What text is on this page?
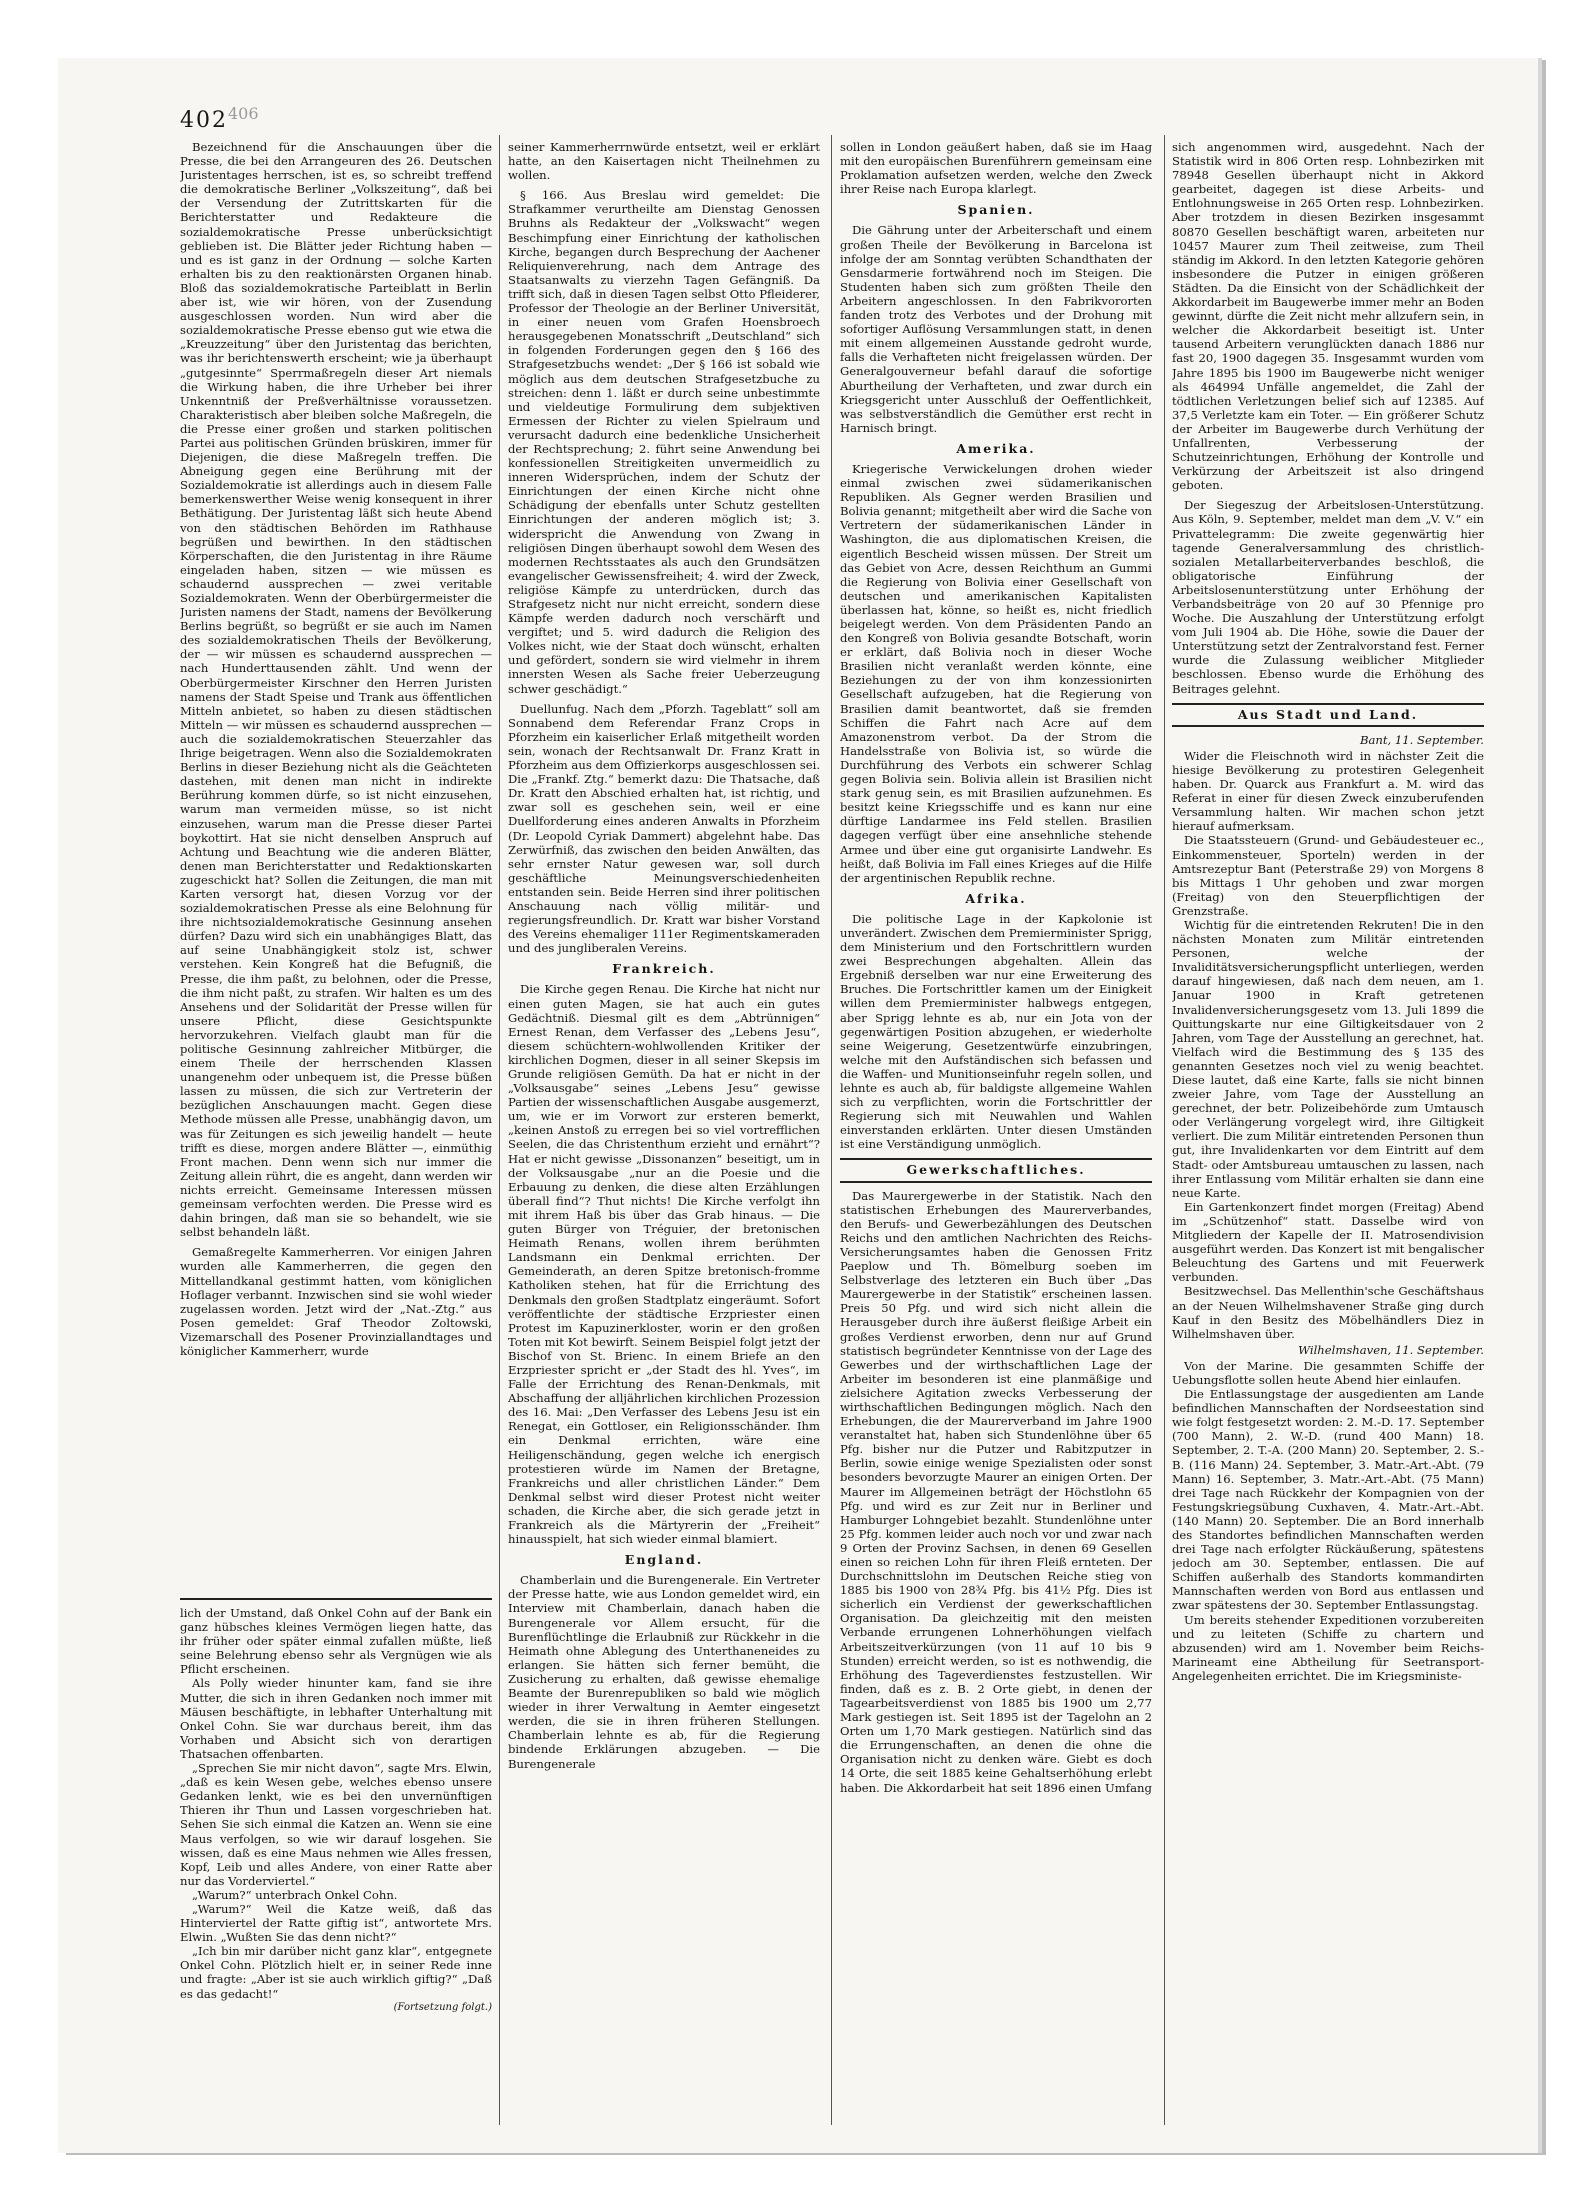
402 406

Bezeichnend für die Anschauungen über die Presse, die bei den Arrangeuren des 26. Deutschen Juristentages herrschen, ist es, so schreibt treffend die demokratische Berliner „Volkszeitung“, daß bei der Versendung der Zutrittskarten für die Berichterstatter und Redakteure die sozialdemokratische Presse unberücksichtigt geblieben ist. Die Blätter jeder Richtung haben — und es ist ganz in der Ordnung — solche Karten erhalten bis zu den reaktionärsten Organen hinab. Bloß das sozialdemokratische Parteiblatt in Berlin aber ist, wie wir hören, von der Zusendung ausgeschlossen worden. Nun wird aber die sozialdemokratische Presse ebenso gut wie etwa die „Kreuzzeitung“ über den Juristentag das berichten, was ihr berichtenswerth erscheint; wie ja überhaupt „gutgesinnte“ Sperrmaßregeln dieser Art niemals die Wirkung haben, die ihre Urheber bei ihrer Unkenntniß der Preßverhältnisse voraussetzen. Charakteristisch aber bleiben solche Maßregeln, die die Presse einer großen und starken politischen Partei aus politischen Gründen brüskiren, immer für Diejenigen, die diese Maßregeln treffen. Die Abneigung gegen eine Berührung mit der Sozialdemokratie ist allerdings auch in diesem Falle bemerkenswerther Weise wenig konsequent in ihrer Bethätigung. Der Juristentag läßt sich heute Abend von den städtischen Behörden im Rathhause begrüßen und bewirthen. In den städtischen Körperschaften, die den Juristentag in ihre Räume eingeladen haben, sitzen — wie müssen es schaudernd aussprechen — zwei veritable Sozialdemokraten. Wenn der Oberbürgermeister die Juristen namens der Stadt, namens der Bevölkerung Berlins begrüßt, so begrüßt er sie auch im Namen des sozialdemokratischen Theils der Bevölkerung, der — wir müssen es schaudernd aussprechen — nach Hunderttausenden zählt. Und wenn der Oberbürgermeister Kirschner den Herren Juristen namens der Stadt Speise und Trank aus öffentlichen Mitteln anbietet, so haben zu diesen städtischen Mitteln — wir müssen es schaudernd aussprechen — auch die sozialdemokratischen Steuerzahler das Ihrige beigetragen. Wenn also die Sozialdemokraten Berlins in dieser Beziehung nicht als die Geächteten dastehen, mit denen man nicht in indirekte Berührung kommen dürfe, so ist nicht einzusehen, warum man vermeiden müsse, so ist nicht einzusehen, warum man die Presse dieser Partei boykottirt. Hat sie nicht denselben Anspruch auf Achtung und Beachtung wie die anderen Blätter, denen man Berichterstatter und Redaktionskarten zugeschickt hat? Sollen die Zeitungen, die man mit Karten versorgt hat, diesen Vorzug vor der sozialdemokratischen Presse als eine Belohnung für ihre nichtsozialdemokratische Gesinnung ansehen dürfen? Dazu wird sich ein unabhängiges Blatt, das auf seine Unabhängigkeit stolz ist, schwer verstehen. Kein Kongreß hat die Befugniß, die Presse, die ihm paßt, zu belohnen, oder die Presse, die ihm nicht paßt, zu strafen. Wir halten es um des Ansehens und der Solidarität der Presse willen für unsere Pflicht, diese Gesichtspunkte hervorzukehren. Vielfach glaubt man für die politische Gesinnung zahlreicher Mitbürger, die einem Theile der herrschenden Klassen unangenehm oder unbequem ist, die Presse büßen lassen zu müssen, die sich zur Vertreterin der bezüglichen Anschauungen macht. Gegen diese Methode müssen alle Presse, unabhängig davon, um was für Zeitungen es sich jeweilig handelt — heute trifft es diese, morgen andere Blätter —, einmüthig Front machen. Denn wenn sich nur immer die Zeitung allein rührt, die es angeht, dann werden wir nichts erreicht. Gemeinsame Interessen müssen gemeinsam verfochten werden. Die Presse wird es dahin bringen, daß man sie so behandelt, wie sie selbst behandeln läßt.

Gemaßregelte Kammerherren. Vor einigen Jahren wurden alle Kammerherren, die gegen den Mittellandkanal gestimmt hatten, vom königlichen Hoflager verbannt. Inzwischen sind sie wohl wieder zugelassen worden. Jetzt wird der „Nat.-Ztg.“ aus Posen gemeldet: Graf Theodor Zoltowski, Vizemarschall des Posener Provinziallandtages und königlicher Kammerherr, wurde

lich der Umstand, daß Onkel Cohn auf der Bank ein ganz hübsches kleines Vermögen liegen hatte, das ihr früher oder später einmal zufallen müßte, ließ seine Belehrung ebenso sehr als Vergnügen wie als Pflicht erscheinen.

Als Polly wieder hinunter kam, fand sie ihre Mutter, die sich in ihren Gedanken noch immer mit Mäusen beschäftigte, in lebhafter Unterhaltung mit Onkel Cohn. Sie war durchaus bereit, ihm das Vorhaben und Absicht sich von derartigen Thatsachen offenbarten.

„Sprechen Sie mir nicht davon“, sagte Mrs. Elwin, „daß es kein Wesen gebe, welches ebenso unsere Gedanken lenkt, wie es bei den unvernünftigen Thieren ihr Thun und Lassen vorgeschrieben hat. Sehen Sie sich einmal die Katzen an. Wenn sie eine Maus verfolgen, so wie wir darauf losgehen. Sie wissen, daß es eine Maus nehmen wie Alles fressen, Kopf, Leib und alles Andere, von einer Ratte aber nur das Vorderviertel.“

„Warum?“ unterbrach Onkel Cohn.

„Warum?“ Weil die Katze weiß, daß das Hinterviertel der Ratte giftig ist“, antwortete Mrs. Elwin. „Wußten Sie das denn nicht?“

„Ich bin mir darüber nicht ganz klar“, entgegnete Onkel Cohn. Plötzlich hielt er, in seiner Rede inne und fragte: „Aber ist sie auch wirklich giftig?“ „Daß es das gedacht!“

(Fortsetzung folgt.)

seiner Kammerherrnwürde entsetzt, weil er erklärt hatte, an den Kaisertagen nicht Theilnehmen zu wollen.

§ 166. Aus Breslau wird gemeldet: Die Strafkammer verurtheilte am Dienstag Genossen Bruhns als Redakteur der „Volkswacht“ wegen Beschimpfung einer Einrichtung der katholischen Kirche, begangen durch Besprechung der Aachener Reliquienverehrung, nach dem Antrage des Staatsanwalts zu vierzehn Tagen Gefängniß. Da trifft sich, daß in diesen Tagen selbst Otto Pfleiderer, Professor der Theologie an der Berliner Universität, in einer neuen vom Grafen Hoensbroech herausgegebenen Monatsschrift „Deutschland“ sich in folgenden Forderungen gegen den § 166 des Strafgesetzbuchs wendet: „Der § 166 ist sobald wie möglich aus dem deutschen Strafgesetzbuche zu streichen: denn 1. läßt er durch seine unbestimmte und vieldeutige Formulirung dem subjektiven Ermessen der Richter zu vielen Spielraum und verursacht dadurch eine bedenkliche Unsicherheit der Rechtsprechung; 2. führt seine Anwendung bei konfessionellen Streitigkeiten unvermeidlich zu inneren Widersprüchen, indem der Schutz der Einrichtungen der einen Kirche nicht ohne Schädigung der ebenfalls unter Schutz gestellten Einrichtungen der anderen möglich ist; 3. widerspricht die Anwendung von Zwang in religiösen Dingen überhaupt sowohl dem Wesen des modernen Rechtsstaates als auch den Grundsätzen evangelischer Gewissensfreiheit; 4. wird der Zweck, religiöse Kämpfe zu unterdrücken, durch das Strafgesetz nicht nur nicht erreicht, sondern diese Kämpfe werden dadurch noch verschärft und vergiftet; und 5. wird dadurch die Religion des Volkes nicht, wie der Staat doch wünscht, erhalten und gefördert, sondern sie wird vielmehr in ihrem innersten Wesen als Sache freier Ueberzeugung schwer geschädigt.“

Duellunfug. Nach dem „Pforzh. Tageblatt“ soll am Sonnabend dem Referendar Franz Crops in Pforzheim ein kaiserlicher Erlaß mitgetheilt worden sein, wonach der Rechtsanwalt Dr. Franz Kratt in Pforzheim aus dem Offizierkorps ausgeschlossen sei. Die „Frankf. Ztg.“ bemerkt dazu: Die Thatsache, daß Dr. Kratt den Abschied erhalten hat, ist richtig, und zwar soll es geschehen sein, weil er eine Duellforderung eines anderen Anwalts in Pforzheim (Dr. Leopold Cyriak Dammert) abgelehnt habe. Das Zerwürfniß, das zwischen den beiden Anwälten, das sehr ernster Natur gewesen war, soll durch geschäftliche Meinungsverschiedenheiten entstanden sein. Beide Herren sind ihrer politischen Anschauung nach völlig militär- und regierungsfreundlich. Dr. Kratt war bisher Vorstand des Vereins ehemaliger 111er Regimentskameraden und des jungliberalen Vereins.

Frankreich.

Die Kirche gegen Renau. Die Kirche hat nicht nur einen guten Magen, sie hat auch ein gutes Gedächtniß. Diesmal gilt es dem „Abtrünnigen“ Ernest Renan, dem Verfasser des „Lebens Jesu“, diesem schüchtern-wohlwollenden Kritiker der kirchlichen Dogmen, dieser in all seiner Skepsis im Grunde religiösen Gemüth. Da hat er nicht in der „Volksausgabe“ seines „Lebens Jesu“ gewisse Partien der wissenschaftlichen Ausgabe ausgemerzt, um, wie er im Vorwort zur ersteren bemerkt, „keinen Anstoß zu erregen bei so viel vortrefflichen Seelen, die das Christenthum erzieht und ernährt“? Hat er nicht gewisse „Dissonanzen“ beseitigt, um in der Volksausgabe „nur an die Poesie und die Erbauung zu denken, die diese alten Erzählungen überall find“? Thut nichts! Die Kirche verfolgt ihn mit ihrem Haß bis über das Grab hinaus. — Die guten Bürger von Tréguier, der bretonischen Heimath Renans, wollen ihrem berühmten Landsmann ein Denkmal errichten. Der Gemeinderath, an deren Spitze bretonisch-fromme Katholiken stehen, hat für die Errichtung des Denkmals den großen Stadtplatz eingeräumt. Sofort veröffentlichte der städtische Erzpriester einen Protest im Kapuzinerkloster, worin er den großen Toten mit Kot bewirft. Seinem Beispiel folgt jetzt der Bischof von St. Brienc. In einem Briefe an den Erzpriester spricht er „der Stadt des hl. Yves“, im Falle der Errichtung des Renan-Denkmals, mit Abschaffung der alljährlichen kirchlichen Prozession des 16. Mai: „Den Verfasser des Lebens Jesu ist ein Renegat, ein Gottloser, ein Religionsschänder. Ihm ein Denkmal errichten, wäre eine Heiligenschändung, gegen welche ich energisch protestieren würde im Namen der Bretagne, Frankreichs und aller christlichen Länder.“ Dem Denkmal selbst wird dieser Protest nicht weiter schaden, die Kirche aber, die sich gerade jetzt in Frankreich als die Märtyrerin der „Freiheit“ hinausspielt, hat sich wieder einmal blamiert.

England.

Chamberlain und die Burengenerale. Ein Vertreter der Presse hatte, wie aus London gemeldet wird, ein Interview mit Chamberlain, danach haben die Burengenerale vor Allem ersucht, für die Burenflüchtlinge die Erlaubniß zur Rückkehr in die Heimath ohne Ablegung des Unterthaneneides zu erlangen. Sie hätten sich ferner bemüht, die Zusicherung zu erhalten, daß gewisse ehemalige Beamte der Burenrepubliken so bald wie möglich wieder in ihrer Verwaltung in Aemter eingesetzt werden, die sie in ihren früheren Stellungen. Chamberlain lehnte es ab, für die Regierung bindende Erklärungen abzugeben. — Die Burengenerale

sollen in London geäußert haben, daß sie im Haag mit den europäischen Burenführern gemeinsam eine Proklamation aufsetzen werden, welche den Zweck ihrer Reise nach Europa klarlegt.

Spanien.

Die Gährung unter der Arbeiterschaft und einem großen Theile der Bevölkerung in Barcelona ist infolge der am Sonntag verübten Schandthaten der Gensdarmerie fortwährend noch im Steigen. Die Studenten haben sich zum größten Theile den Arbeitern angeschlossen. In den Fabrikvororten fanden trotz des Verbotes und der Drohung mit sofortiger Auflösung Versammlungen statt, in denen mit einem allgemeinen Ausstande gedroht wurde, falls die Verhafteten nicht freigelassen würden. Der Generalgouverneur befahl darauf die sofortige Aburtheilung der Verhafteten, und zwar durch ein Kriegsgericht unter Ausschluß der Oeffentlichkeit, was selbstverständlich die Gemüther erst recht in Harnisch bringt.

Amerika.

Kriegerische Verwickelungen drohen wieder einmal zwischen zwei südamerikanischen Republiken. Als Gegner werden Brasilien und Bolivia genannt; mitgetheilt aber wird die Sache von Vertretern der südamerikanischen Länder in Washington, die aus diplomatischen Kreisen, die eigentlich Bescheid wissen müssen. Der Streit um das Gebiet von Acre, dessen Reichthum an Gummi die Regierung von Bolivia einer Gesellschaft von deutschen und amerikanischen Kapitalisten überlassen hat, könne, so heißt es, nicht friedlich beigelegt werden. Von dem Präsidenten Pando an den Kongreß von Bolivia gesandte Botschaft, worin er erklärt, daß Bolivia noch in dieser Woche Brasilien nicht veranlaßt werden könnte, eine Beziehungen zu der von ihm konzessionirten Gesellschaft aufzugeben, hat die Regierung von Brasilien damit beantwortet, daß sie fremden Schiffen die Fahrt nach Acre auf dem Amazonenstrom verbot. Da der Strom die Handelsstraße von Bolivia ist, so würde die Durchführung des Verbots ein schwerer Schlag gegen Bolivia sein. Bolivia allein ist Brasilien nicht stark genug sein, es mit Brasilien aufzunehmen. Es besitzt keine Kriegsschiffe und es kann nur eine dürftige Landarmee ins Feld stellen. Brasilien dagegen verfügt über eine ansehnliche stehende Armee und über eine gut organisirte Landwehr. Es heißt, daß Bolivia im Fall eines Krieges auf die Hilfe der argentinischen Republik rechne.

Afrika.

Die politische Lage in der Kapkolonie ist unverändert. Zwischen dem Premierminister Sprigg, dem Ministerium und den Fortschrittlern wurden zwei Besprechungen abgehalten. Allein das Ergebniß derselben war nur eine Erweiterung des Bruches. Die Fortschrittler kamen um der Einigkeit willen dem Premierminister halbwegs entgegen, aber Sprigg lehnte es ab, nur ein Jota von der gegenwärtigen Position abzugehen, er wiederholte seine Weigerung, Gesetzentwürfe einzubringen, welche mit den Aufständischen sich befassen und die Waffen- und Munitionseinfuhr regeln sollen, und lehnte es auch ab, für baldigste allgemeine Wahlen sich zu verpflichten, worin die Fortschrittler der Regierung sich mit Neuwahlen und Wahlen einverstanden erklärten. Unter diesen Umständen ist eine Verständigung unmöglich.

Gewerkschaftliches.

Das Maurergewerbe in der Statistik. Nach den statistischen Erhebungen des Maurerverbandes, den Berufs- und Gewerbezählungen des Deutschen Reichs und den amtlichen Nachrichten des Reichs-Versicherungsamtes haben die Genossen Fritz Paeplow und Th. Bömelburg soeben im Selbstverlage des letzteren ein Buch über „Das Maurergewerbe in der Statistik“ erscheinen lassen. Preis 50 Pfg. und wird sich nicht allein die Herausgeber durch ihre äußerst fleißige Arbeit ein großes Verdienst erworben, denn nur auf Grund statistisch begründeter Kenntnisse von der Lage des Gewerbes und der wirthschaftlichen Lage der Arbeiter im besonderen ist eine planmäßige und zielsichere Agitation zwecks Verbesserung der wirthschaftlichen Bedingungen möglich. Nach den Erhebungen, die der Maurerverband im Jahre 1900 veranstaltet hat, haben sich Stundenlöhne über 65 Pfg. bisher nur die Putzer und Rabitzputzer in Berlin, sowie einige wenige Spezialisten oder sonst besonders bevorzugte Maurer an einigen Orten. Der Maurer im Allgemeinen beträgt der Höchstlohn 65 Pfg. und wird es zur Zeit nur in Berliner und Hamburger Lohngebiet bezahlt. Stundenlöhne unter 25 Pfg. kommen leider auch noch vor und zwar nach 9 Orten der Provinz Sachsen, in denen 69 Gesellen einen so reichen Lohn für ihren Fleiß ernteten. Der Durchschnittslohn im Deutschen Reiche stieg von 1885 bis 1900 von 28¾ Pfg. bis 41½ Pfg. Dies ist sicherlich ein Verdienst der gewerkschaftlichen Organisation. Da gleichzeitig mit den meisten Verbande errungenen Lohnerhöhungen vielfach Arbeitszeitverkürzungen (von 11 auf 10 bis 9 Stunden) erreicht werden, so ist es nothwendig, die Erhöhung des Tageverdienstes festzustellen. Wir finden, daß es z. B. 2 Orte giebt, in denen der Tagearbeitsverdienst von 1885 bis 1900 um 2,77 Mark gestiegen ist. Seit 1895 ist der Tagelohn an 2 Orten um 1,70 Mark gestiegen. Natürlich sind das die Errungenschaften, an denen die ohne die Organisation nicht zu denken wäre. Giebt es doch 14 Orte, die seit 1885 keine Gehaltserhöhung erlebt haben. Die Akkordarbeit hat seit 1896 einen Umfang

sich angenommen wird, ausgedehnt. Nach der Statistik wird in 806 Orten resp. Lohnbezirken mit 78948 Gesellen überhaupt nicht in Akkord gearbeitet, dagegen ist diese Arbeits- und Entlohnungsweise in 265 Orten resp. Lohnbezirken. Aber trotzdem in diesen Bezirken insgesammt 80870 Gesellen beschäftigt waren, arbeiteten nur 10457 Maurer zum Theil zeitweise, zum Theil ständig im Akkord. In den letzten Kategorie gehören insbesondere die Putzer in einigen größeren Städten. Da die Einsicht von der Schädlichkeit der Akkordarbeit im Baugewerbe immer mehr an Boden gewinnt, dürfte die Zeit nicht mehr allzufern sein, in welcher die Akkordarbeit beseitigt ist. Unter tausend Arbeitern verunglückten danach 1886 nur fast 20, 1900 dagegen 35. Insgesammt wurden vom Jahre 1895 bis 1900 im Baugewerbe nicht weniger als 464994 Unfälle angemeldet, die Zahl der tödtlichen Verletzungen belief sich auf 12385. Auf 37,5 Verletzte kam ein Toter. — Ein größerer Schutz der Arbeiter im Baugewerbe durch Verhütung der Unfallrenten, Verbesserung der Schutzeinrichtungen, Erhöhung der Kontrolle und Verkürzung der Arbeitszeit ist also dringend geboten.

Der Siegeszug der Arbeitslosen-Unterstützung. Aus Köln, 9. September, meldet man dem „V. V.“ ein Privattelegramm: Die zweite gegenwärtig hier tagende Generalversammlung des christlich-sozialen Metallarbeiterverbandes beschloß, die obligatorische Einführung der Arbeitslosenunterstützung unter Erhöhung der Verbandsbeiträge von 20 auf 30 Pfennige pro Woche. Die Auszahlung der Unterstützung erfolgt vom Juli 1904 ab. Die Höhe, sowie die Dauer der Unterstützung setzt der Zentralvorstand fest. Ferner wurde die Zulassung weiblicher Mitglieder beschlossen. Ebenso wurde die Erhöhung des Beitrages gelehnt.

Aus Stadt und Land.
Bant, 11. September.

Wider die Fleischnoth wird in nächster Zeit die hiesige Bevölkerung zu protestiren Gelegenheit haben. Dr. Quarck aus Frankfurt a. M. wird das Referat in einer für diesen Zweck einzuberufenden Versammlung halten. Wir machen schon jetzt hierauf aufmerksam.

Die Staatssteuern (Grund- und Gebäudesteuer ec., Einkommensteuer, Sporteln) werden in der Amtsrezeptur Bant (Peterstraße 29) von Morgens 8 bis Mittags 1 Uhr gehoben und zwar morgen (Freitag) von den Steuerpflichtigen der Grenzstraße.

Wichtig für die eintretenden Rekruten! Die in den nächsten Monaten zum Militär eintretenden Personen, welche der Invaliditätsversicherungspflicht unterliegen, werden darauf hingewiesen, daß nach dem neuen, am 1. Januar 1900 in Kraft getretenen Invalidenversicherungsgesetz vom 13. Juli 1899 die Quittungskarte nur eine Giltigkeitsdauer von 2 Jahren, vom Tage der Ausstellung an gerechnet, hat. Vielfach wird die Bestimmung des § 135 des genannten Gesetzes noch viel zu wenig beachtet. Diese lautet, daß eine Karte, falls sie nicht binnen zweier Jahre, vom Tage der Ausstellung an gerechnet, der betr. Polizeibehörde zum Umtausch oder Verlängerung vorgelegt wird, ihre Giltigkeit verliert. Die zum Militär eintretenden Personen thun gut, ihre Invalidenkarten vor dem Eintritt auf dem Stadt- oder Amtsbureau umtauschen zu lassen, nach ihrer Entlassung vom Militär erhalten sie dann eine neue Karte.

Ein Gartenkonzert findet morgen (Freitag) Abend im „Schützenhof“ statt. Dasselbe wird von Mitgliedern der Kapelle der II. Matrosendivision ausgeführt werden. Das Konzert ist mit bengalischer Beleuchtung des Gartens und mit Feuerwerk verbunden.

Besitzwechsel. Das Mellenthin'sche Geschäftshaus an der Neuen Wilhelmshavener Straße ging durch Kauf in den Besitz des Möbelhändlers Diez in Wilhelmshaven über.

Wilhelmshaven, 11. September.

Von der Marine. Die gesammten Schiffe der Uebungsflotte sollen heute Abend hier einlaufen.

Die Entlassungstage der ausgedienten am Lande befindlichen Mannschaften der Nordseestation sind wie folgt festgesetzt worden: 2. M.-D. 17. September (700 Mann), 2. W.-D. (rund 400 Mann) 18. September, 2. T.-A. (200 Mann) 20. September, 2. S.-B. (116 Mann) 24. September, 3. Matr.-Art.-Abt. (79 Mann) 16. September, 3. Matr.-Art.-Abt. (75 Mann) drei Tage nach Rückkehr der Kompagnien von der Festungskriegsübung Cuxhaven, 4. Matr.-Art.-Abt. (140 Mann) 20. September. Die an Bord innerhalb des Standortes befindlichen Mannschaften werden drei Tage nach erfolgter Rückäußerung, spätestens jedoch am 30. September, entlassen. Die auf Schiffen außerhalb des Standorts kommandirten Mannschaften werden von Bord aus entlassen und zwar spätestens der 30. September Entlassungstag.

Um bereits stehender Expeditionen vorzubereiten und zu leiteten (Schiffe zu chartern und abzusenden) wird am 1. November beim Reichs-Marineamt eine Abtheilung für Seetransport-Angelegenheiten errichtet. Die im Kriegsministe-
